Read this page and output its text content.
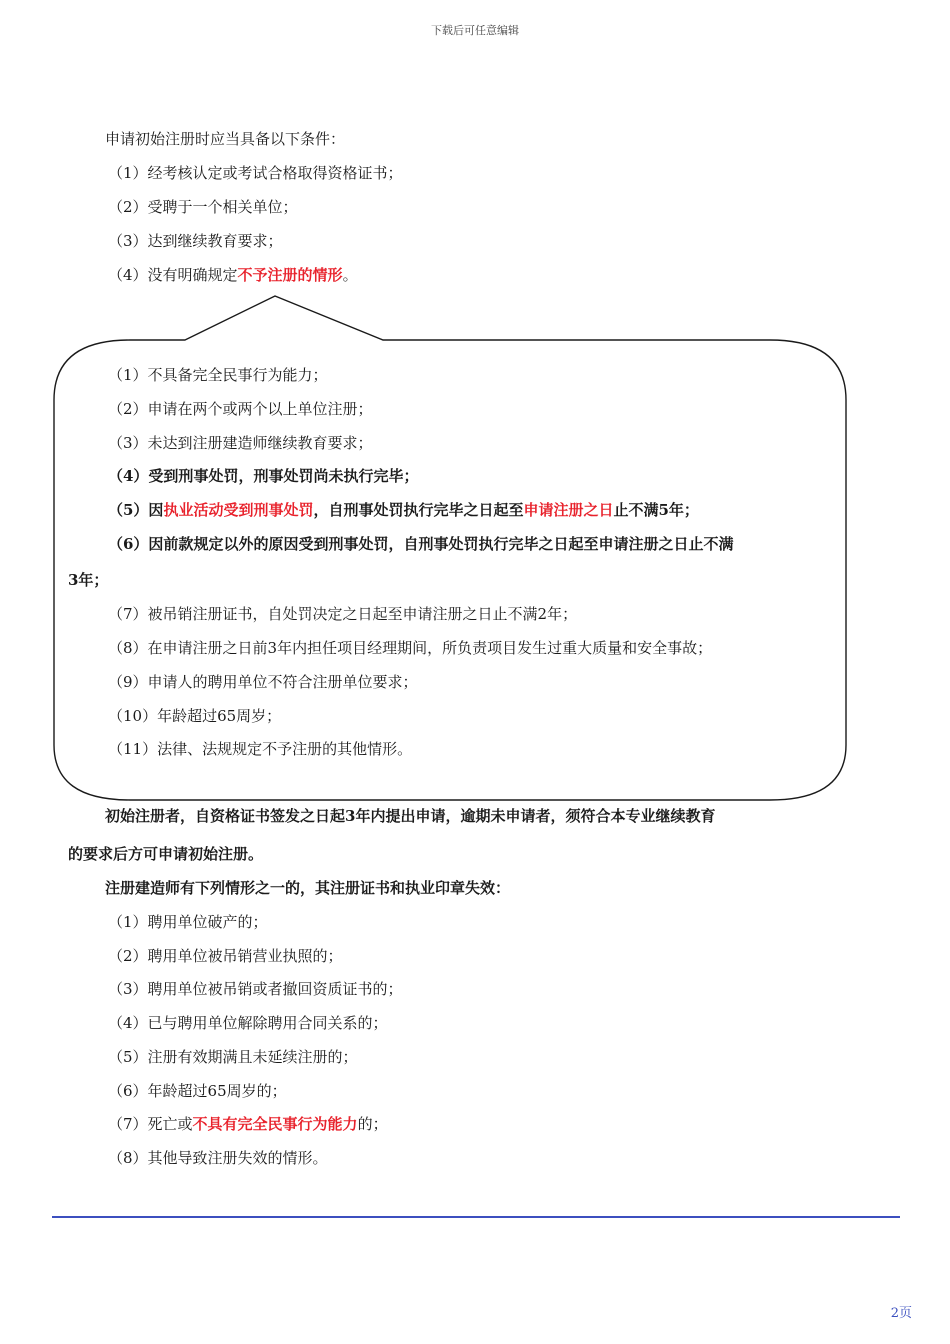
下载后可任意编辑
申请初始注册时应当具备以下条件：
（1）经考核认定或考试合格取得资格证书；
（2）受聘于一个相关单位；
（3）达到继续教育要求；
（4）没有明确规定不予注册的情形。
（1）不具备完全民事行为能力；
（2）申请在两个或两个以上单位注册；
（3）未达到注册建造师继续教育要求；
（4）受到刑事处罚，刑事处罚尚未执行完毕；
（5）因执业活动受到刑事处罚，自刑事处罚执行完毕之日起至申请注册之日止不满5年；
（6）因前款规定以外的原因受到刑事处罚，自刑事处罚执行完毕之日起至申请注册之日止不满
3年；
（7）被吊销注册证书，自处罚决定之日起至申请注册之日止不满2年；
（8）在申请注册之日前3年内担任项目经理期间，所负责项目发生过重大质量和安全事故；
（9）申请人的聘用单位不符合注册单位要求；
（10）年龄超过65周岁；
（11）法律、法规规定不予注册的其他情形。
初始注册者，自资格证书签发之日起3年内提出申请，逾期未申请者，须符合本专业继续教育
的要求后方可申请初始注册。
注册建造师有下列情形之一的，其注册证书和执业印章失效：
（1）聘用单位破产的；
（2）聘用单位被吊销营业执照的；
（3）聘用单位被吊销或者撤回资质证书的；
（4）已与聘用单位解除聘用合同关系的；
（5）注册有效期满且未延续注册的；
（6）年龄超过65周岁的；
（7）死亡或不具有完全民事行为能力的；
（8）其他导致注册失效的情形。
2页
